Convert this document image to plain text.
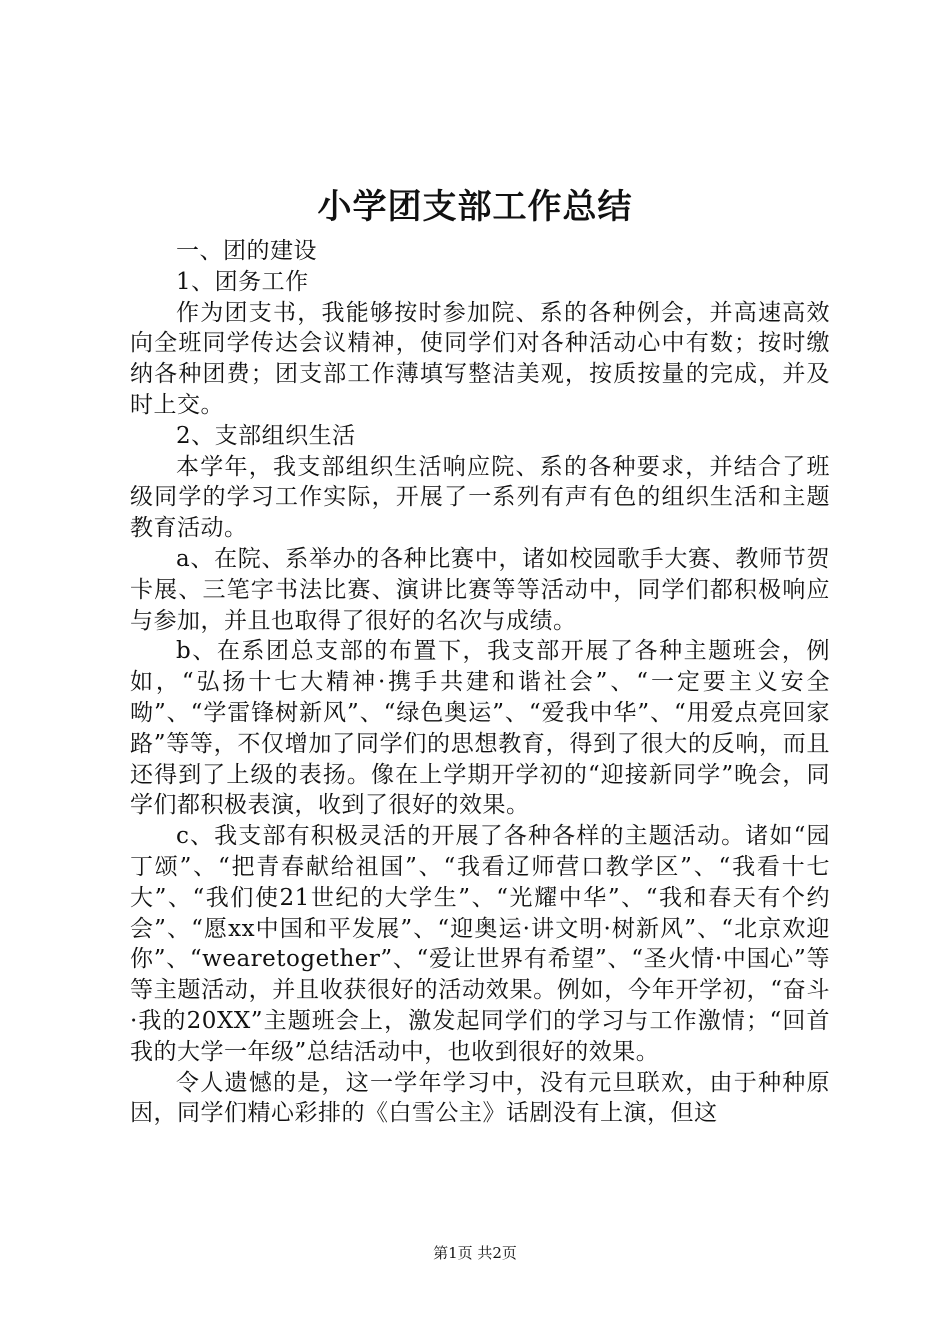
小学团支部工作总结

一、团的建设

1、团务工作

作为团支书，我能够按时参加院、系的各种例会，并高速高效向全班同学传达会议精神，使同学们对各种活动心中有数；按时缴纳各种团费；团支部工作薄填写整洁美观，按质按量的完成，并及时上交。

2、支部组织生活

本学年，我支部组织生活响应院、系的各种要求，并结合了班级同学的学习工作实际，开展了一系列有声有色的组织生活和主题教育活动。

a、在院、系举办的各种比赛中，诸如校园歌手大赛、教师节贺卡展、三笔字书法比赛、演讲比赛等等活动中，同学们都积极响应与参加，并且也取得了很好的名次与成绩。

b、在系团总支部的布置下，我支部开展了各种主题班会，例如，“弘扬十七大精神·携手共建和谐社会”、“一定要主义安全呦”、“学雷锋树新风”、“绿色奥运”、“爱我中华”、“用爱点亮回家路”等等，不仅增加了同学们的思想教育，得到了很大的反响，而且还得到了上级的表扬。像在上学期开学初的“迎接新同学”晚会，同学们都积极表演，收到了很好的效果。

c、我支部有积极灵活的开展了各种各样的主题活动。诸如“园丁颂”、“把青春献给祖国”、“我看辽师营口教学区”、“我看十七大”、“我们使21世纪的大学生”、“光耀中华”、“我和春天有个约会”、“愿xx中国和平发展”、“迎奥运·讲文明·树新风”、“北京欢迎你”、“wearetogether”、“爱让世界有希望”、“圣火情·中国心”等等主题活动，并且收获很好的活动效果。例如，今年开学初，“奋斗·我的20XX”主题班会上，激发起同学们的学习与工作激情；“回首我的大学一年级”总结活动中，也收到很好的效果。

令人遗憾的是，这一学年学习中，没有元旦联欢，由于种种原因，同学们精心彩排的《白雪公主》话剧没有上演，但这

第1页 共2页
